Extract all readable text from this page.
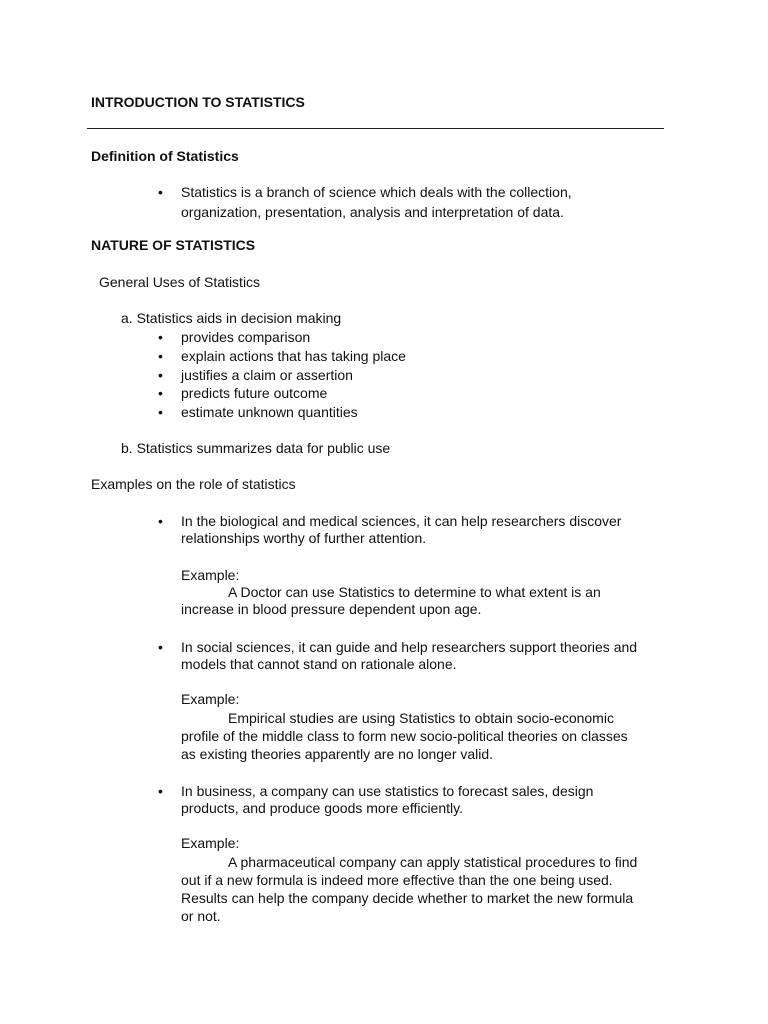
INTRODUCTION TO STATISTICS
Definition of Statistics
• Statistics is a branch of science which deals with the collection,
organization, presentation, analysis and interpretation of data.
NATURE OF STATISTICS
General Uses of Statistics
a. Statistics aids in decision making
• provides comparison
• explain actions that has taking place
• justifies a claim or assertion
• predicts future outcome
• estimate unknown quantities
b. Statistics summarizes data for public use
Examples on the role of statistics
• In the biological and medical sciences, it can help researchers discover
relationships worthy of further attention.
Example:
A Doctor can use Statistics to determine to what extent is an
increase in blood pressure dependent upon age.
• In social sciences, it can guide and help researchers support theories and
models that cannot stand on rationale alone.
Example:
Empirical studies are using Statistics to obtain socio-economic
profile of the middle class to form new socio-political theories on classes
as existing theories apparently are no longer valid.
• In business, a company can use statistics to forecast sales, design
products, and produce goods more efficiently.
Example:
A pharmaceutical company can apply statistical procedures to find
out if a new formula is indeed more effective than the one being used.
Results can help the company decide whether to market the new formula
or not.
